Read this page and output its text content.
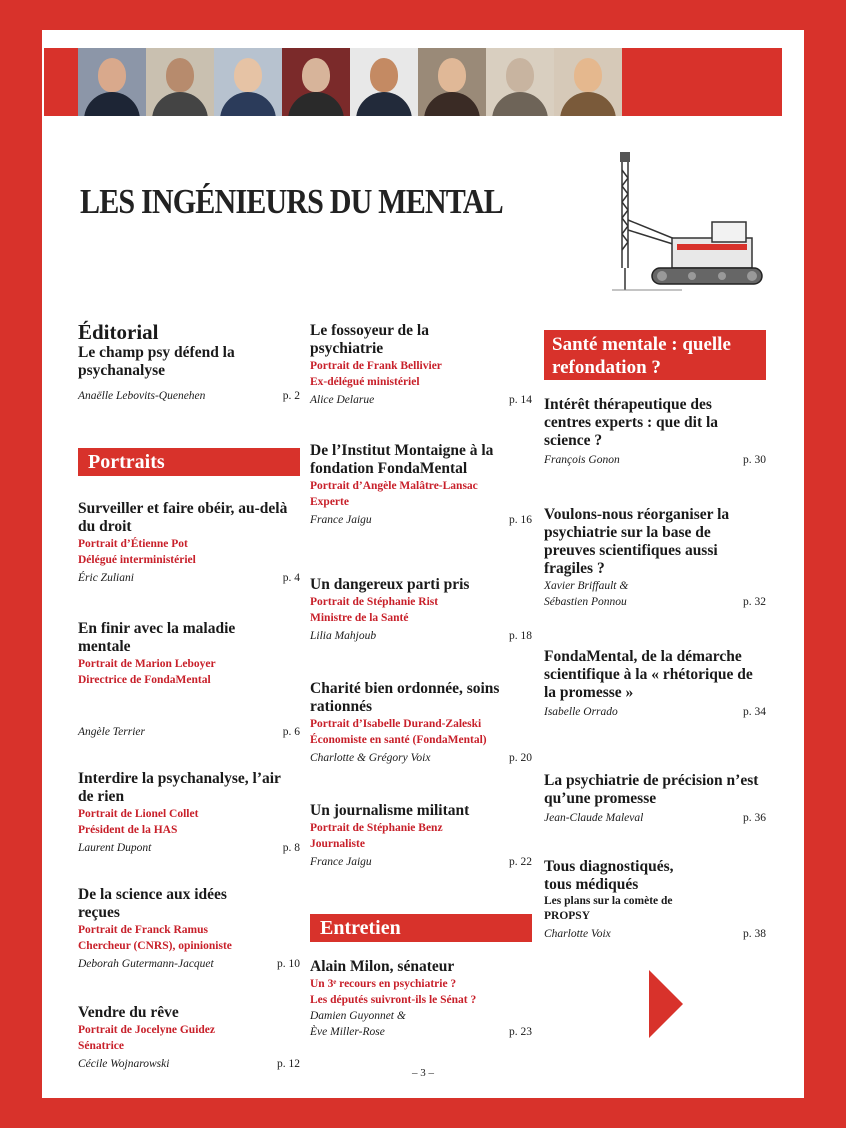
LES INGÉNIEURS DU MENTAL
Éditorial
Le champ psy défend la psychanalyse
Anaëlle Lebovits-Quenehen	p. 2
Portraits
Surveiller et faire obéir, au-delà du droit
Portrait d’Étienne Pot
Délégué interministériel
Éric Zuliani	p. 4
En finir avec la maladie mentale
Portrait de Marion Leboyer
Directrice de FondaMental
Angèle Terrier	p. 6
Interdire la psychanalyse, l’air de rien
Portrait de Lionel Collet
Président de la HAS
Laurent Dupont	p. 8
De la science aux idées reçues
Portrait de Franck Ramus
Chercheur (CNRS), opinioniste
Deborah Gutermann-Jacquet	p. 10
Vendre du rêve
Portrait de Jocelyne Guidez
Sénatrice
Cécile Wojnarowski	p. 12
Le fossoyeur de la psychiatrie
Portrait de Frank Bellivier
Ex-délégué ministériel
Alice Delarue	p. 14
De l’Institut Montaigne à la fondation FondaMental
Portrait d’Angèle Malâtre-Lansac
Experte
France Jaigu	p. 16
Un dangereux parti pris
Portrait de Stéphanie Rist
Ministre de la Santé
Lilia Mahjoub	p. 18
Charité bien ordonnée, soins rationnés
Portrait d’Isabelle Durand-Zaleski
Économiste en santé (FondaMental)
Charlotte & Grégory Voix	p. 20
Un journalisme militant
Portrait de Stéphanie Benz
Journaliste
France Jaigu	p. 22
Entretien
Alain Milon, sénateur
Un 3ᵉ recours en psychiatrie ?
Les députés suivront-ils le Sénat ?
Damien Guyonnet &
Ève Miller-Rose	p. 23
Santé mentale : quelle refondation ?
Intérêt thérapeutique des centres experts : que dit la science ?
François Gonon	p. 30
Voulons-nous réorganiser la psychiatrie sur la base de preuves scientifiques aussi fragiles ?
Xavier Briffault &
Sébastien Ponnou	p. 32
FondaMental, de la démarche scientifique à la « rhétorique de la promesse »
Isabelle Orrado	p. 34
La psychiatrie de précision n’est qu’une promesse
Jean-Claude Maleval	p. 36
Tous diagnostiqués, tous médiqués
Les plans sur la comète de PROPSY
Charlotte Voix	p. 38
– 3 –
